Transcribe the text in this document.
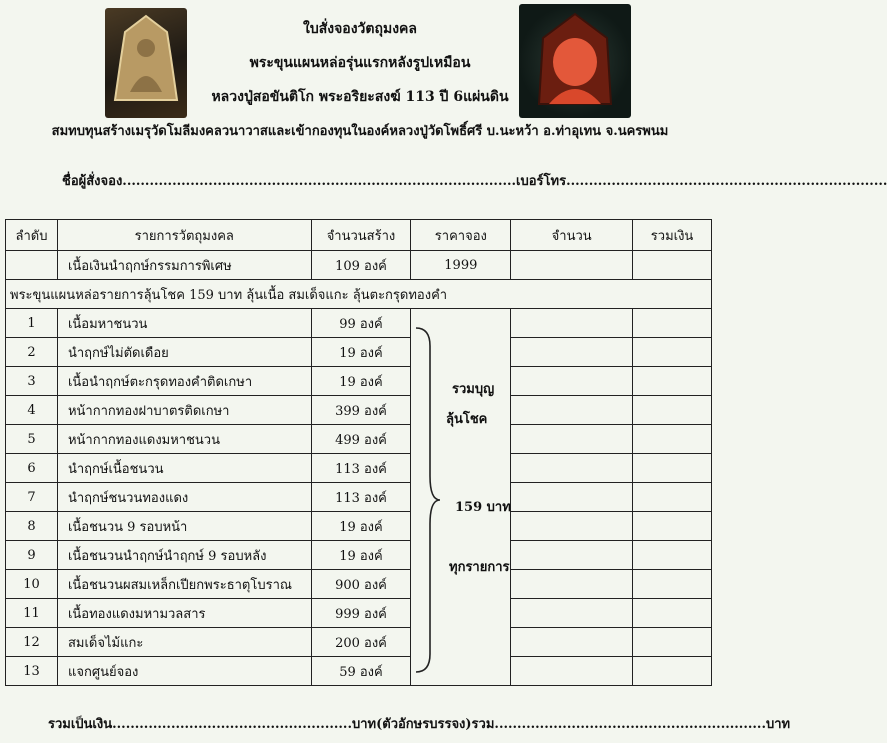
ใบสั่งจองวัตถุมงคล
พระขุนแผนหล่อรุ่นแรกหลังรูปเหมือน
หลวงปู่สอขันติโก พระอริยะสงฆ์ 113 ปี 6แผ่นดิน
สมทบทุนสร้างเมรุวัดโมลีมงคลวนาวาสและเข้ากองทุนในองค์หลวงปู่วัดโพธิ์ศรี บ.นะหว้า อ.ท่าอุเทน จ.นครพนม
ชื่อผู้สั่งจอง.......................................................................................เบอร์โทร.......................................................................
ลำดับ	รายการวัตถุมงคล	จำนวนสร้าง	ราคาจอง	จำนวน	รวมเงิน
	เนื้อเงินนำฤกษ์กรรมการพิเศษ	109 องค์	1999		
พระขุนแผนหล่อรายการลุ้นโชค 159 บาท ลุ้นเนื้อ สมเด็จแกะ ลุ้นตะกรุดทองคำ					
1	เนื้อมหาชนวน	99 องค์			
2	นำฤกษ์ไม่ตัดเดือย	19 องค์			
3	เนื้อนำฤกษ์ตะกรุดทองคำติดเกษา	19 องค์			
4	หน้ากากทองฝาบาตรติดเกษา	399 องค์			
5	หน้ากากทองแดงมหาชนวน	499 องค์			
6	นำฤกษ์เนื้อชนวน	113 องค์			
7	นำฤกษ์ชนวนทองแดง	113 องค์			
8	เนื้อชนวน 9 รอบหน้า	19 องค์			
9	เนื้อชนวนนำฤกษ์นำฤกษ์ 9 รอบหลัง	19 องค์			
10	เนื้อชนวนผสมเหล็กเปียกพระธาตุโบราณ	900 องค์			
11	เนื้อทองแดงมหามวลสาร	999 องค์			
12	สมเด็จไม้แกะ	200 องค์			
13	แจกศูนย์จอง	59 องค์			
รวมบุญ
ลุ้นโชค
159 บาท
ทุกรายการ
รวมเป็นเงิน.....................................................บาท(ตัวอักษรบรรจง)รวม............................................................บาท
